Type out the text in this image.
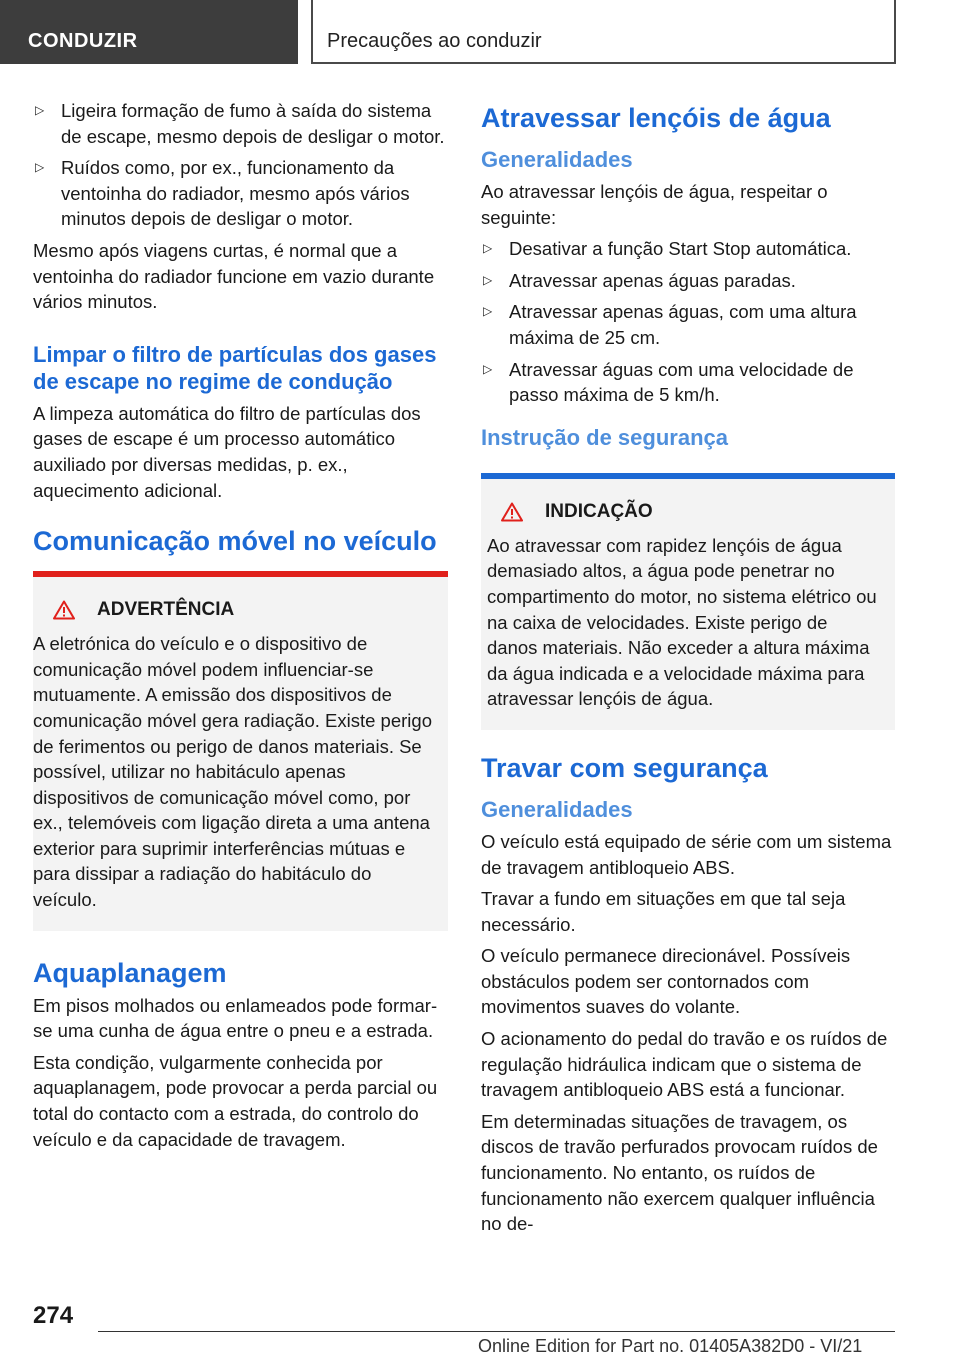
CONDUZIR	Precauções ao conduzir
▷ Ligeira formação de fumo à saída do sistema de escape, mesmo depois de desligar o motor.
▷ Ruídos como, por ex., funcionamento da ventoinha do radiador, mesmo após vários minutos depois de desligar o motor.

Mesmo após viagens curtas, é normal que a ventoinha do radiador funcione em vazio durante vários minutos.

Limpar o filtro de partículas dos gases de escape no regime de condução

A limpeza automática do filtro de partículas dos gases de escape é um processo automático auxiliado por diversas medidas, p. ex., aquecimento adicional.

Comunicação móvel no veículo
ADVERTÊNCIA

A eletrónica do veículo e o dispositivo de comunicação móvel podem influenciar-se mutuamente. A emissão dos dispositivos de comunicação móvel gera radiação. Existe perigo de ferimentos ou perigo de danos materiais. Se possível, utilizar no habitáculo apenas dispositivos de comunicação móvel como, por ex., telemóveis com ligação direta a uma antena exterior para suprimir interferências mútuas e para dissipar a radiação do habitáculo do veículo.

Aquaplanagem

Em pisos molhados ou enlameados pode formar-se uma cunha de água entre o pneu e a estrada.

Esta condição, vulgarmente conhecida por aquaplanagem, pode provocar a perda parcial ou total do contacto com a estrada, do controlo do veículo e da capacidade de travagem.

Atravessar lençóis de água
Generalidades

Ao atravessar lençóis de água, respeitar o seguinte:

▷ Desativar a função Start Stop automática.
▷ Atravessar apenas águas paradas.
▷ Atravessar apenas águas, com uma altura máxima de 25 cm.
▷ Atravessar águas com uma velocidade de passo máxima de 5 km/h.
Instrução de segurança
INDICAÇÃO

Ao atravessar com rapidez lençóis de água demasiado altos, a água pode penetrar no compartimento do motor, no sistema elétrico ou na caixa de velocidades. Existe perigo de danos materiais. Não exceder a altura máxima da água indicada e a velocidade máxima para atravessar lençóis de água.

Travar com segurança
Generalidades

O veículo está equipado de série com um sistema de travagem antibloqueio ABS.

Travar a fundo em situações em que tal seja necessário.

O veículo permanece direcionável. Possíveis obstáculos podem ser contornados com movimentos suaves do volante.

O acionamento do pedal do travão e os ruídos de regulação hidráulica indicam que o sistema de travagem antibloqueio ABS está a funcionar.

Em determinadas situações de travagem, os discos de travão perfurados provocam ruídos de funcionamento. No entanto, os ruídos de funcionamento não exercem qualquer influência no de-

274
Online Edition for Part no. 01405A382D0 - VI/21
